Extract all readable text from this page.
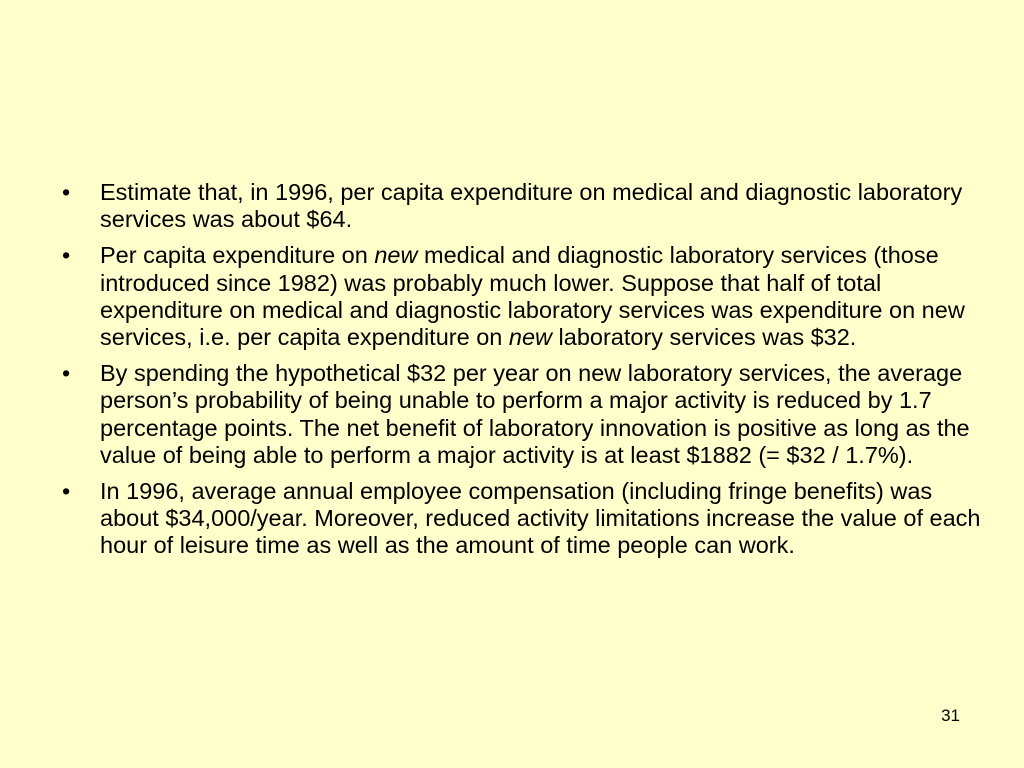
•	Estimate that, in 1996, per capita expenditure on medical and diagnostic laboratory services was about $64.
•	Per capita expenditure on new medical and diagnostic laboratory services (those introduced since 1982) was probably much lower. Suppose that half of total expenditure on medical and diagnostic laboratory services was expenditure on new services, i.e. per capita expenditure on new laboratory services was $32.
•	By spending the hypothetical $32 per year on new laboratory services, the average person’s probability of being unable to perform a major activity is reduced by 1.7 percentage points. The net benefit of laboratory innovation is positive as long as the value of being able to perform a major activity is at least $1882 (= $32 / 1.7%).
•	In 1996, average annual employee compensation (including fringe benefits) was about $34,000/year. Moreover, reduced activity limitations increase the value of each hour of leisure time as well as the amount of time people can work.
31
